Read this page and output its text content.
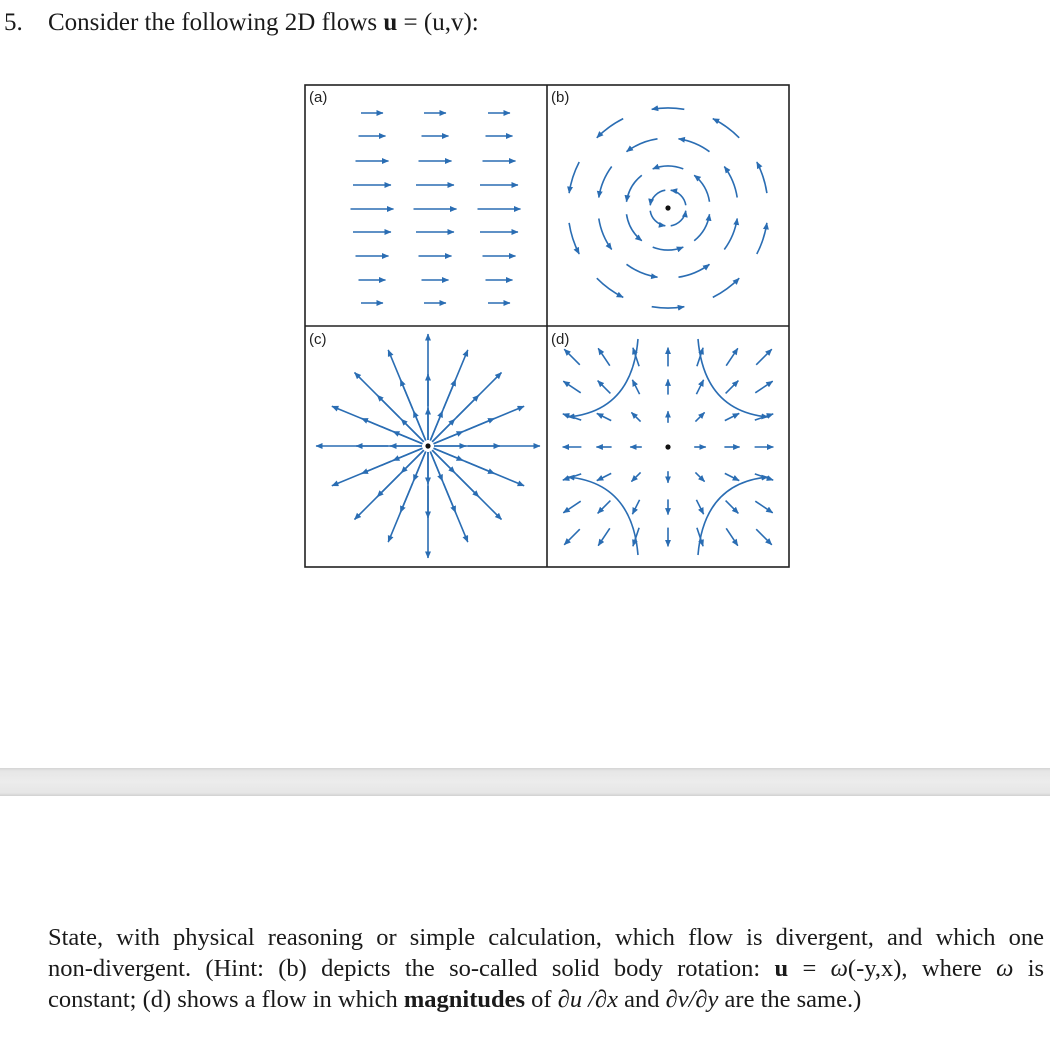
5. Consider the following 2D flows u = (u,v):
(a)	(b)
(c)	(d)
State, with physical reasoning or simple calculation, which flow is divergent, and which one
non-divergent. (Hint: (b) depicts the so-called solid body rotation: u = ω(-y,x), where ω is
constant; (d) shows a flow in which magnitudes of ∂u /∂x and ∂v/∂y are the same.)
